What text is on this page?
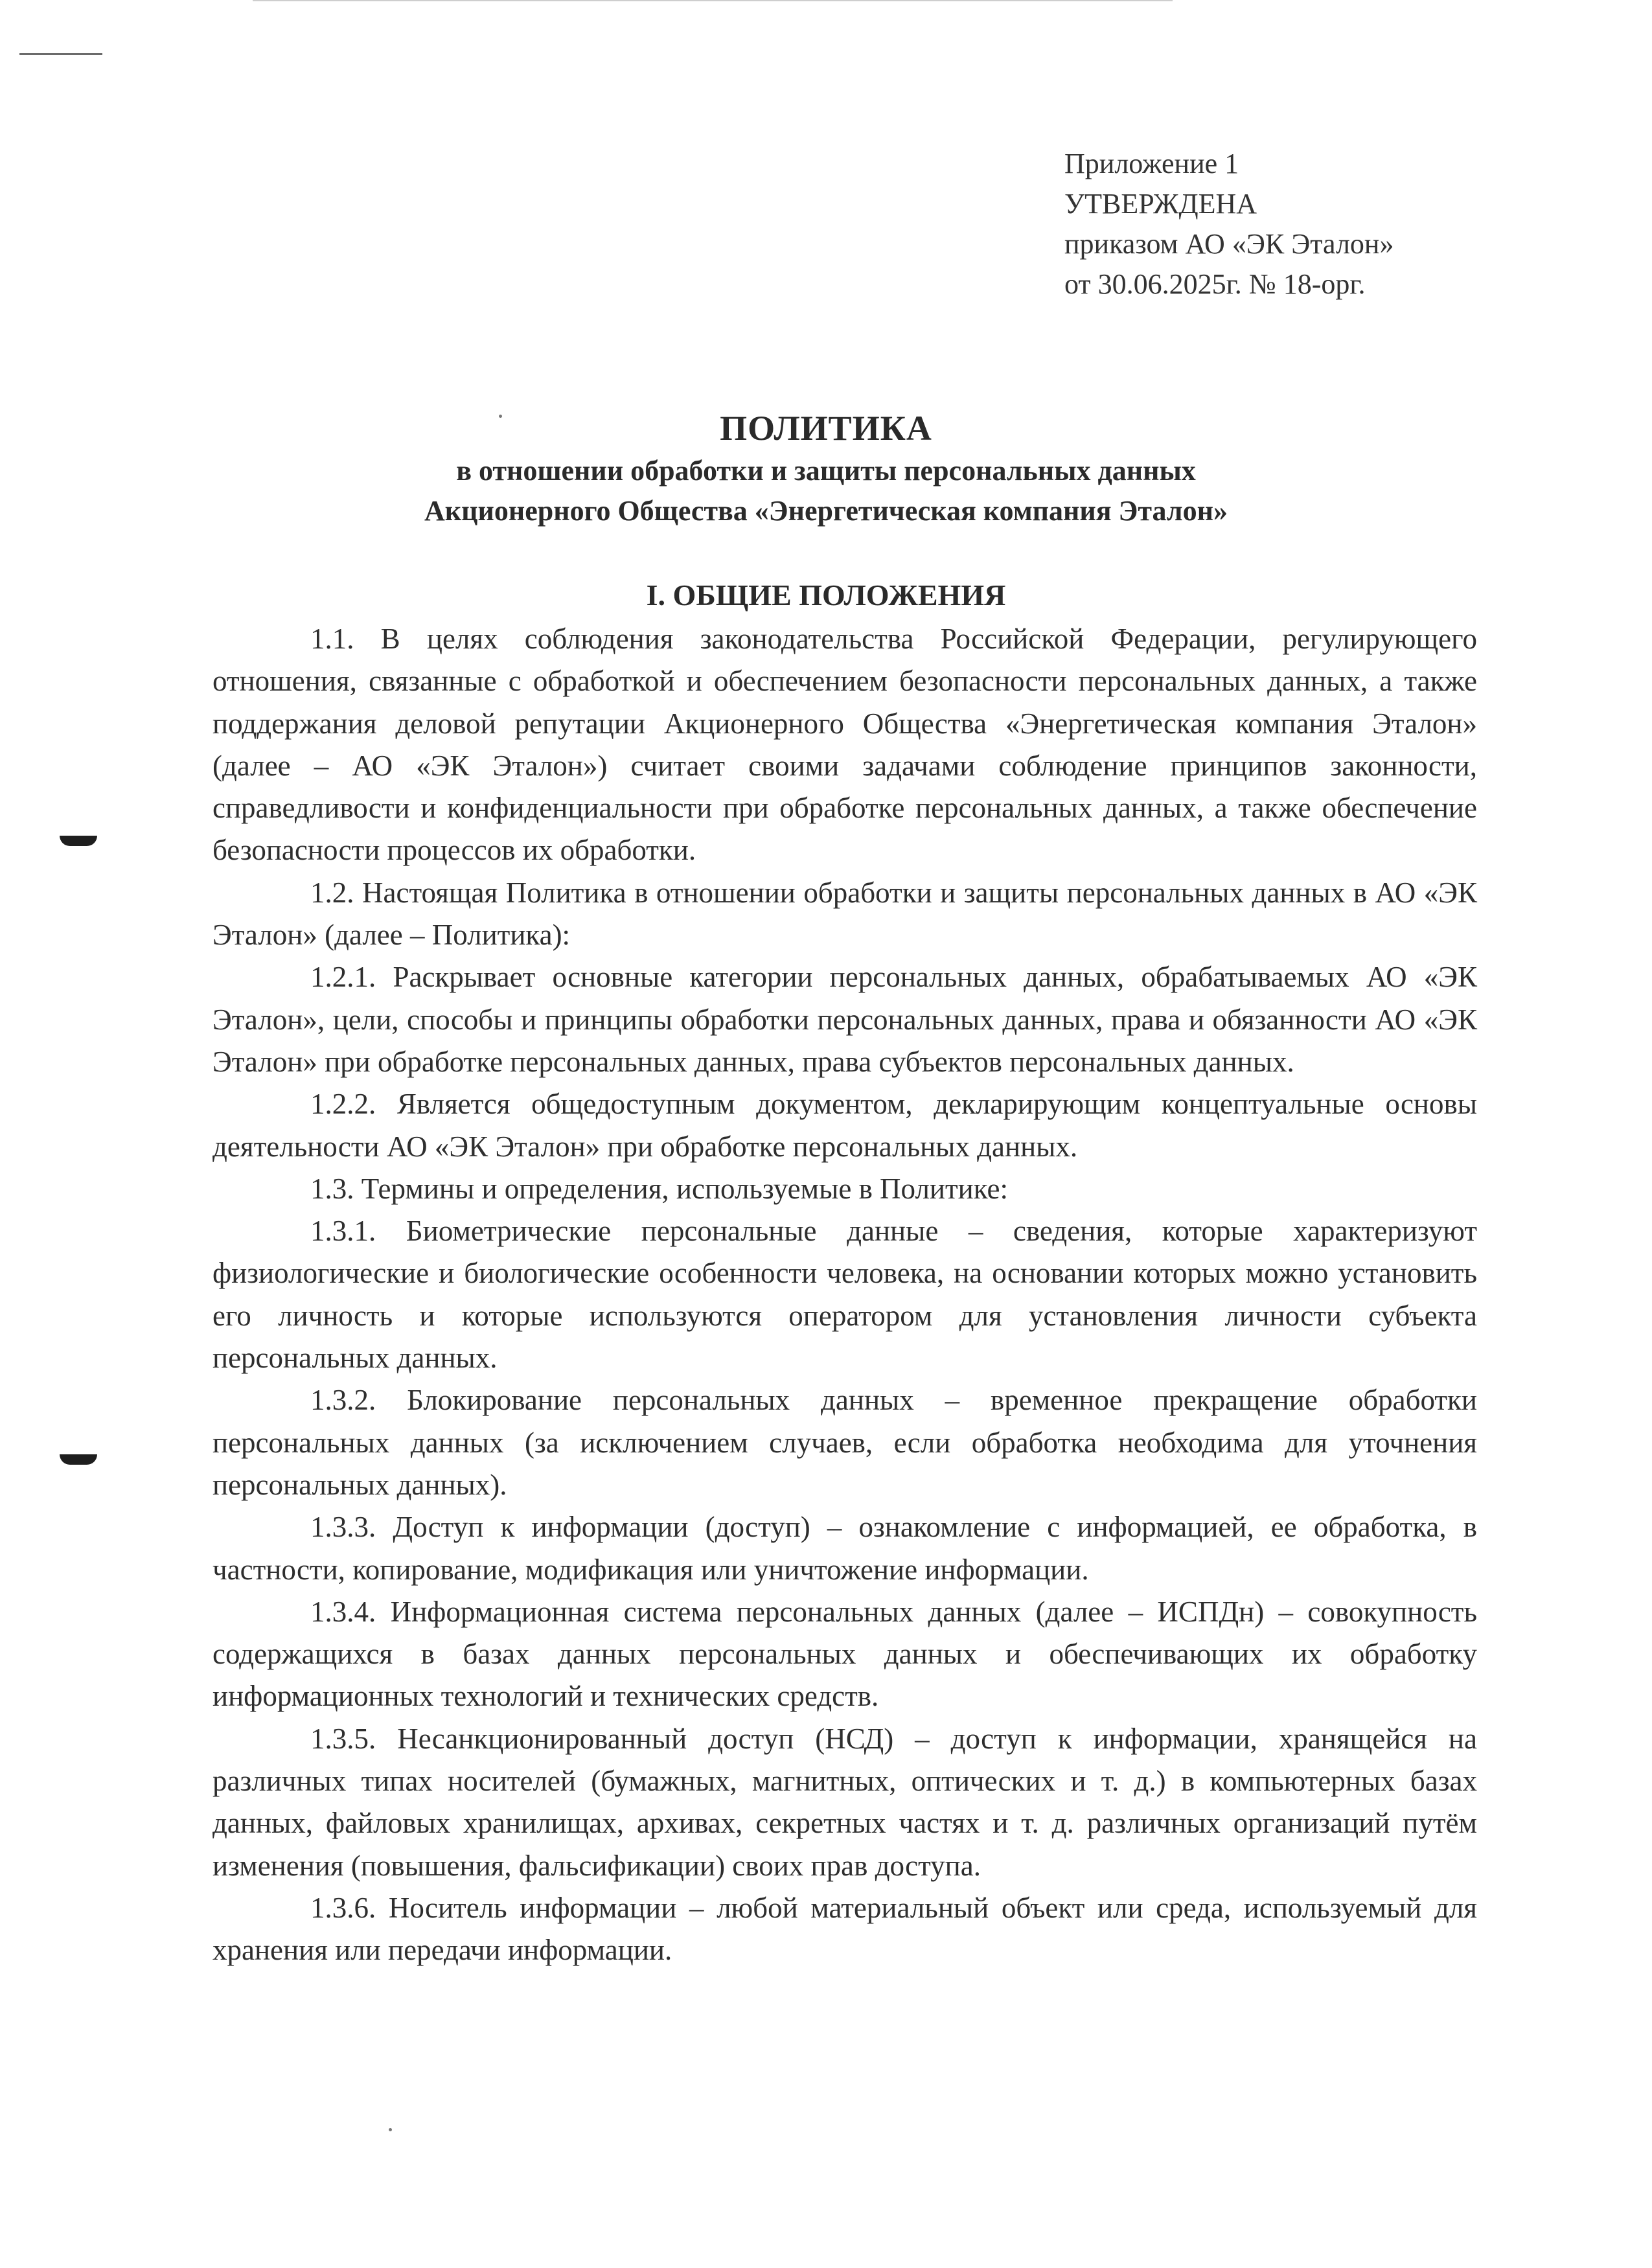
Приложение 1
УТВЕРЖДЕНА
приказом АО «ЭК Эталон»
от 30.06.2025г. № 18-орг.
ПОЛИТИКА
в отношении обработки и защиты персональных данных
Акционерного Общества «Энергетическая компания Эталон»
I. ОБЩИЕ ПОЛОЖЕНИЯ

1.1. В целях соблюдения законодательства Российской Федерации, регулирующего отношения, связанные с обработкой и обеспечением безопасности персональных данных, а также поддержания деловой репутации Акционерного Общества «Энергетическая компания Эталон» (далее – АО «ЭК Эталон») считает своими задачами соблюдение принципов законности, справедливости и конфиденциальности при обработке персональных данных, а также обеспечение безопасности процессов их обработки.

1.2. Настоящая Политика в отношении обработки и защиты персональных данных в АО «ЭК Эталон» (далее – Политика):

1.2.1. Раскрывает основные категории персональных данных, обрабатываемых АО «ЭК Эталон», цели, способы и принципы обработки персональных данных, права и обязанности АО «ЭК Эталон» при обработке персональных данных, права субъектов персональных данных.

1.2.2. Является общедоступным документом, декларирующим концептуальные основы деятельности АО «ЭК Эталон» при обработке персональных данных.

1.3. Термины и определения, используемые в Политике:

1.3.1. Биометрические персональные данные – сведения, которые характеризуют физиологические и биологические особенности человека, на основании которых можно установить его личность и которые используются оператором для установления личности субъекта персональных данных.

1.3.2. Блокирование персональных данных – временное прекращение обработки персональных данных (за исключением случаев, если обработка необходима для уточнения персональных данных).

1.3.3. Доступ к информации (доступ) – ознакомление с информацией, ее обработка, в частности, копирование, модификация или уничтожение информации.

1.3.4. Информационная система персональных данных (далее – ИСПДн) – совокупность содержащихся в базах данных персональных данных и обеспечивающих их обработку информационных технологий и технических средств.

1.3.5. Несанкционированный доступ (НСД) – доступ к информации, хранящейся на различных типах носителей (бумажных, магнитных, оптических и т. д.) в компьютерных базах данных, файловых хранилищах, архивах, секретных частях и т. д. различных организаций путём изменения (повышения, фальсификации) своих прав доступа.

1.3.6. Носитель информации – любой материальный объект или среда, используемый для хранения или передачи информации.
